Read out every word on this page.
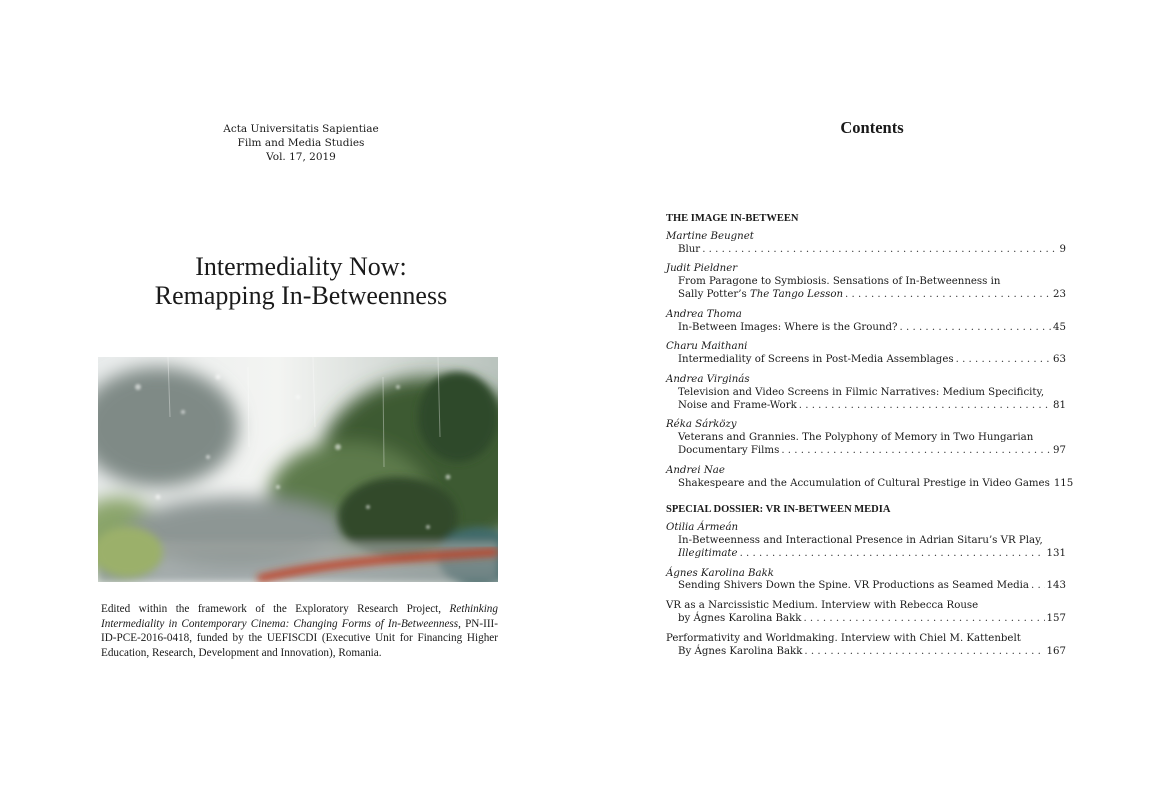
Acta Universitatis Sapientiae
Film and Media Studies
Vol. 17, 2019
Intermediality Now:
Remapping In-Betweenness

Edited within the framework of the Exploratory Research Project, Rethinking Intermediality in Contemporary Cinema: Changing Forms of In-Betweenness, PN-III-ID-PCE-2016-0418, funded by the UEFISCDI (Executive Unit for Financing Higher Education, Research, Development and Innovation), Romania.

Contents
THE IMAGE IN-BETWEEN
Martine Beugnet
Blur . . .	9
Judit Pieldner
From Paragone to Symbiosis. Sensations of In-Betweenness in
Sally Potter’s The Tango Lesson . . .	23
Andrea Thoma
In-Between Images: Where is the Ground? . . .	45
Charu Maithani
Intermediality of Screens in Post-Media Assemblages . . .	63
Andrea Virginás
Television and Video Screens in Filmic Narratives: Medium Specificity,
Noise and Frame-Work . . .	81
Réka Sárközy
Veterans and Grannies. The Polyphony of Memory in Two Hungarian
Documentary Films . . .	97
Andrei Nae
Shakespeare and the Accumulation of Cultural Prestige in Video Games 115
SPECIAL DOSSIER: VR IN-BETWEEN MEDIA
Otilia Ármeán
In-Betweenness and Interactional Presence in Adrian Sitaru’s VR Play,
Illegitimate . . .	131
Ágnes Karolina Bakk
Sending Shivers Down the Spine. VR Productions as Seamed Media . . . 143
VR as a Narcissistic Medium. Interview with Rebecca Rouse
by Ágnes Karolina Bakk . . .	157
Performativity and Worldmaking. Interview with Chiel M. Kattenbelt
By Ágnes Karolina Bakk . . .	167
